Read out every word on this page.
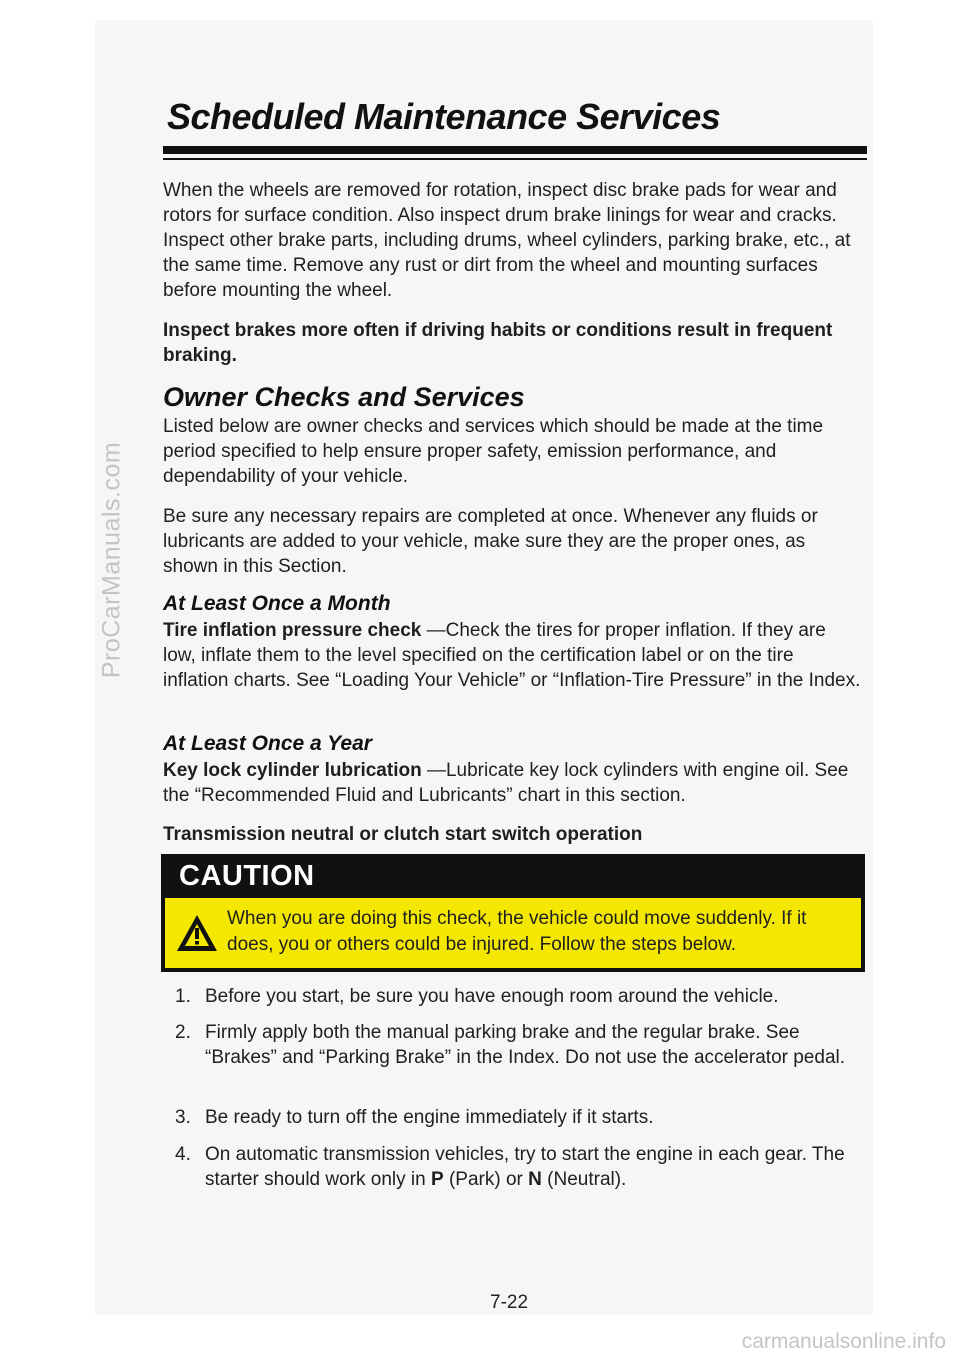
ProCarManuals.com
carmanualsonline.info
Scheduled Maintenance Services

When the wheels are removed for rotation, inspect disc brake pads for wear and rotors for surface condition. Also inspect drum brake linings for wear and cracks. Inspect other brake parts, including drums, wheel cylinders, parking brake, etc., at the same time. Remove any rust or dirt from the wheel and mounting surfaces before mounting the wheel.

Inspect brakes more often if driving habits or conditions result in frequent braking.

Owner Checks and Services

Listed below are owner checks and services which should be made at the time period specified to help ensure proper safety, emission performance, and dependability of your vehicle.

Be sure any necessary repairs are completed at once. Whenever any fluids or lubricants are added to your vehicle, make sure they are the proper ones, as shown in this Section.

At Least Once a Month

Tire inflation pressure check —Check the tires for proper inflation. If they are low, inflate them to the level specified on the certification label or on the tire inflation charts. See “Loading Your Vehicle” or “Inflation-Tire Pressure” in the Index.

At Least Once a Year

Key lock cylinder lubrication —Lubricate key lock cylinders with engine oil. See the “Recommended Fluid and Lubricants” chart in this section.

Transmission neutral or clutch start switch operation

CAUTION
When you are doing this check, the vehicle could move suddenly. If it does, you or others could be injured. Follow the steps below.
1. Before you start, be sure you have enough room around the vehicle.
2. Firmly apply both the manual parking brake and the regular brake. See “Brakes” and “Parking Brake” in the Index. Do not use the accelerator pedal.
3. Be ready to turn off the engine immediately if it starts.
4. On automatic transmission vehicles, try to start the engine in each gear. The starter should work only in P (Park) or N (Neutral).
7-22
